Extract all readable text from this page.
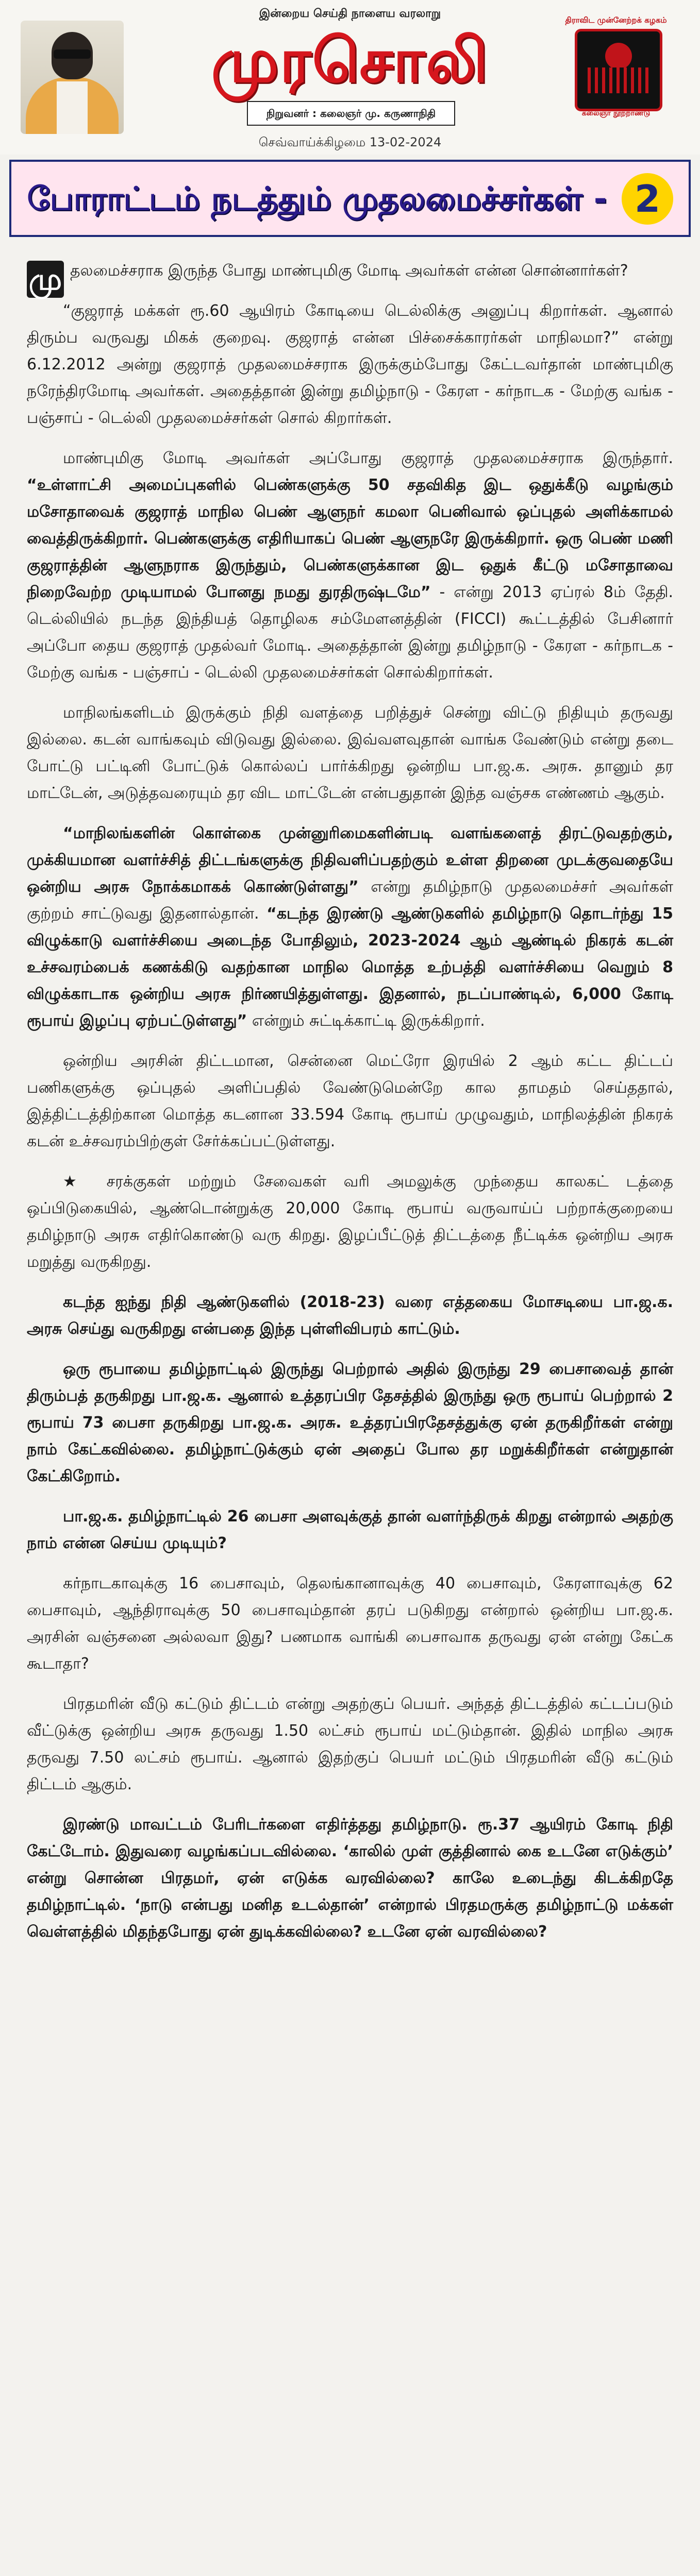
இன்றைய செய்தி நாளைய வரலாறு
முரசொலி
திராவிட முன்னேற்றக் கழகம்
கலைஞர் நூற்றாண்டு
நிறுவனர் : கலைஞர் மு. கருணாநிதி
செவ்வாய்க்கிழமை 13-02-2024
போராட்டம் நடத்தும் முதலமைச்சர்கள் - 2

மு தலமைச்சராக இருந்த போது மாண்புமிகு மோடி அவர்கள் என்ன சொன்னார்கள்?

“குஜராத் மக்கள் ரூ.60 ஆயிரம் கோடியை டெல்லிக்கு அனுப்பு கிறார்கள். ஆனால் திரும்ப வருவது மிகக் குறைவு. குஜராத் என்ன பிச்சைக்காரர்கள் மாநிலமா?” என்று 6.12.2012 அன்று குஜராத் முதலமைச்சராக இருக்கும்போது கேட்டவர்தான் மாண்புமிகு நரேந்திரமோடி அவர்கள். அதைத்தான் இன்று தமிழ்நாடு - கேரள - கர்நாடக - மேற்கு வங்க - பஞ்சாப் - டெல்லி முதலமைச்சர்கள் சொல் கிறார்கள்.

மாண்புமிகு மோடி அவர்கள் அப்போது குஜராத் முதலமைச்சராக இருந்தார். “உள்ளாட்சி அமைப்புகளில் பெண்களுக்கு 50 சதவிகித இட ஒதுக்கீடு வழங்கும் மசோதாவைக் குஜராத் மாநில பெண் ஆளுநர் கமலா பெனிவால் ஒப்புதல் அளிக்காமல் வைத்திருக்கிறார். பெண்களுக்கு எதிரியாகப் பெண் ஆளுநரே இருக்கிறார். ஒரு பெண் மணி குஜராத்தின் ஆளுநராக இருந்தும், பெண்களுக்கான இட ஒதுக் கீட்டு மசோதாவை நிறைவேற்ற முடியாமல் போனது நமது துரதிருஷ்டமே” - என்று 2013 ஏப்ரல் 8ம் தேதி. டெல்லியில் நடந்த இந்தியத் தொழிலக சம்மேளனத்தின் (FICCI) கூட்டத்தில் பேசினார் அப்போ தைய குஜராத் முதல்வர் மோடி. அதைத்தான் இன்று தமிழ்நாடு - கேரள - கர்நாடக - மேற்கு வங்க - பஞ்சாப் - டெல்லி முதலமைச்சர்கள் சொல்கிறார்கள்.

மாநிலங்களிடம் இருக்கும் நிதி வளத்தை பறித்துச் சென்று விட்டு நிதியும் தருவது இல்லை. கடன் வாங்கவும் விடுவது இல்லை. இவ்வளவுதான் வாங்க வேண்டும் என்று தடை போட்டு பட்டினி போட்டுக் கொல்லப் பார்க்கிறது ஒன்றிய பா.ஜ.க. அரசு. தானும் தர மாட்டேன், அடுத்தவரையும் தர விட மாட்டேன் என்பதுதான் இந்த வஞ்சக எண்ணம் ஆகும்.

“மாநிலங்களின் கொள்கை முன்னுரிமைகளின்படி வளங்களைத் திரட்டுவதற்கும், முக்கியமான வளர்ச்சித் திட்டங்களுக்கு நிதிவளிப்பதற்கும் உள்ள திறனை முடக்குவதையே ஒன்றிய அரசு நோக்கமாகக் கொண்டுள்ளது” என்று தமிழ்நாடு முதலமைச்சர் அவர்கள் குற்றம் சாட்டுவது இதனால்தான். “கடந்த இரண்டு ஆண்டுகளில் தமிழ்நாடு தொடர்ந்து 15 விழுக்காடு வளர்ச்சியை அடைந்த போதிலும், 2023-2024 ஆம் ஆண்டில் நிகரக் கடன் உச்சவரம்பைக் கணக்கிடு வதற்கான மாநில மொத்த உற்பத்தி வளர்ச்சியை வெறும் 8 விழுக்காடாக ஒன்றிய அரசு நிர்ணயித்துள்ளது. இதனால், நடப்பாண்டில், 6,000 கோடி ரூபாய் இழப்பு ஏற்பட்டுள்ளது” என்றும் சுட்டிக்காட்டி இருக்கிறார்.

ஒன்றிய அரசின் திட்டமான, சென்னை மெட்ரோ இரயில் 2 ஆம் கட்ட திட்டப் பணிகளுக்கு ஒப்புதல் அளிப்பதில் வேண்டுமென்றே கால தாமதம் செய்ததால், இத்திட்டத்திற்கான மொத்த கடனான 33.594 கோடி ரூபாய் முழுவதும், மாநிலத்தின் நிகரக் கடன் உச்சவரம்பிற்குள் சேர்க்கப்பட்டுள்ளது.

★ சரக்குகள் மற்றும் சேவைகள் வரி அமலுக்கு முந்தைய காலகட் டத்தை ஒப்பிடுகையில், ஆண்டொன்றுக்கு 20,000 கோடி ரூபாய் வருவாய்ப் பற்றாக்குறையை தமிழ்நாடு அரசு எதிர்கொண்டு வரு கிறது. இழப்பீட்டுத் திட்டத்தை நீட்டிக்க ஒன்றிய அரசு மறுத்து வருகிறது.

கடந்த ஐந்து நிதி ஆண்டுகளில் (2018-23) வரை எத்தகைய மோசடியை பா.ஜ.க. அரசு செய்து வருகிறது என்பதை இந்த புள்ளிவிபரம் காட்டும்.

ஒரு ரூபாயை தமிழ்நாட்டில் இருந்து பெற்றால் அதில் இருந்து 29 பைசாவைத் தான் திரும்பத் தருகிறது பா.ஜ.க. ஆனால் உத்தரப்பிர தேசத்தில் இருந்து ஒரு ரூபாய் பெற்றால் 2 ரூபாய் 73 பைசா தருகிறது பா.ஜ.க. அரசு. உத்தரப்பிரதேசத்துக்கு ஏன் தருகிறீர்கள் என்று நாம் கேட்கவில்லை. தமிழ்நாட்டுக்கும் ஏன் அதைப் போல தர மறுக்கிறீர்கள் என்றுதான் கேட்கிறோம்.

பா.ஜ.க. தமிழ்நாட்டில் 26 பைசா அளவுக்குத் தான் வளர்ந்திருக் கிறது என்றால் அதற்கு நாம் என்ன செய்ய முடியும்?

கர்நாடகாவுக்கு 16 பைசாவும், தெலங்கானாவுக்கு 40 பைசாவும், கேரளாவுக்கு 62 பைசாவும், ஆந்திராவுக்கு 50 பைசாவும்தான் தரப் படுகிறது என்றால் ஒன்றிய பா.ஜ.க. அரசின் வஞ்சனை அல்லவா இது? பணமாக வாங்கி பைசாவாக தருவது ஏன் என்று கேட்க கூடாதா?

பிரதமரின் வீடு கட்டும் திட்டம் என்று அதற்குப் பெயர். அந்தத் திட்டத்தில் கட்டப்படும் வீட்டுக்கு ஒன்றிய அரசு தருவது 1.50 லட்சம் ரூபாய் மட்டும்தான். இதில் மாநில அரசு தருவது 7.50 லட்சம் ரூபாய். ஆனால் இதற்குப் பெயர் மட்டும் பிரதமரின் வீடு கட்டும் திட்டம் ஆகும்.

இரண்டு மாவட்டம் பேரிடர்களை எதிர்த்தது தமிழ்நாடு. ரூ.37 ஆயிரம் கோடி நிதி கேட்டோம். இதுவரை வழங்கப்படவில்லை. ‘காலில் முள் குத்தினால் கை உடனே எடுக்கும்’ என்று சொன்ன பிரதமர், ஏன் எடுக்க வரவில்லை? காலே உடைந்து கிடக்கிறதே தமிழ்நாட்டில். ‘நாடு என்பது மனித உடல்தான்’ என்றால் பிரதமருக்கு தமிழ்நாட்டு மக்கள் வெள்ளத்தில் மிதந்தபோது ஏன் துடிக்கவில்லை? உடனே ஏன் வரவில்லை?
